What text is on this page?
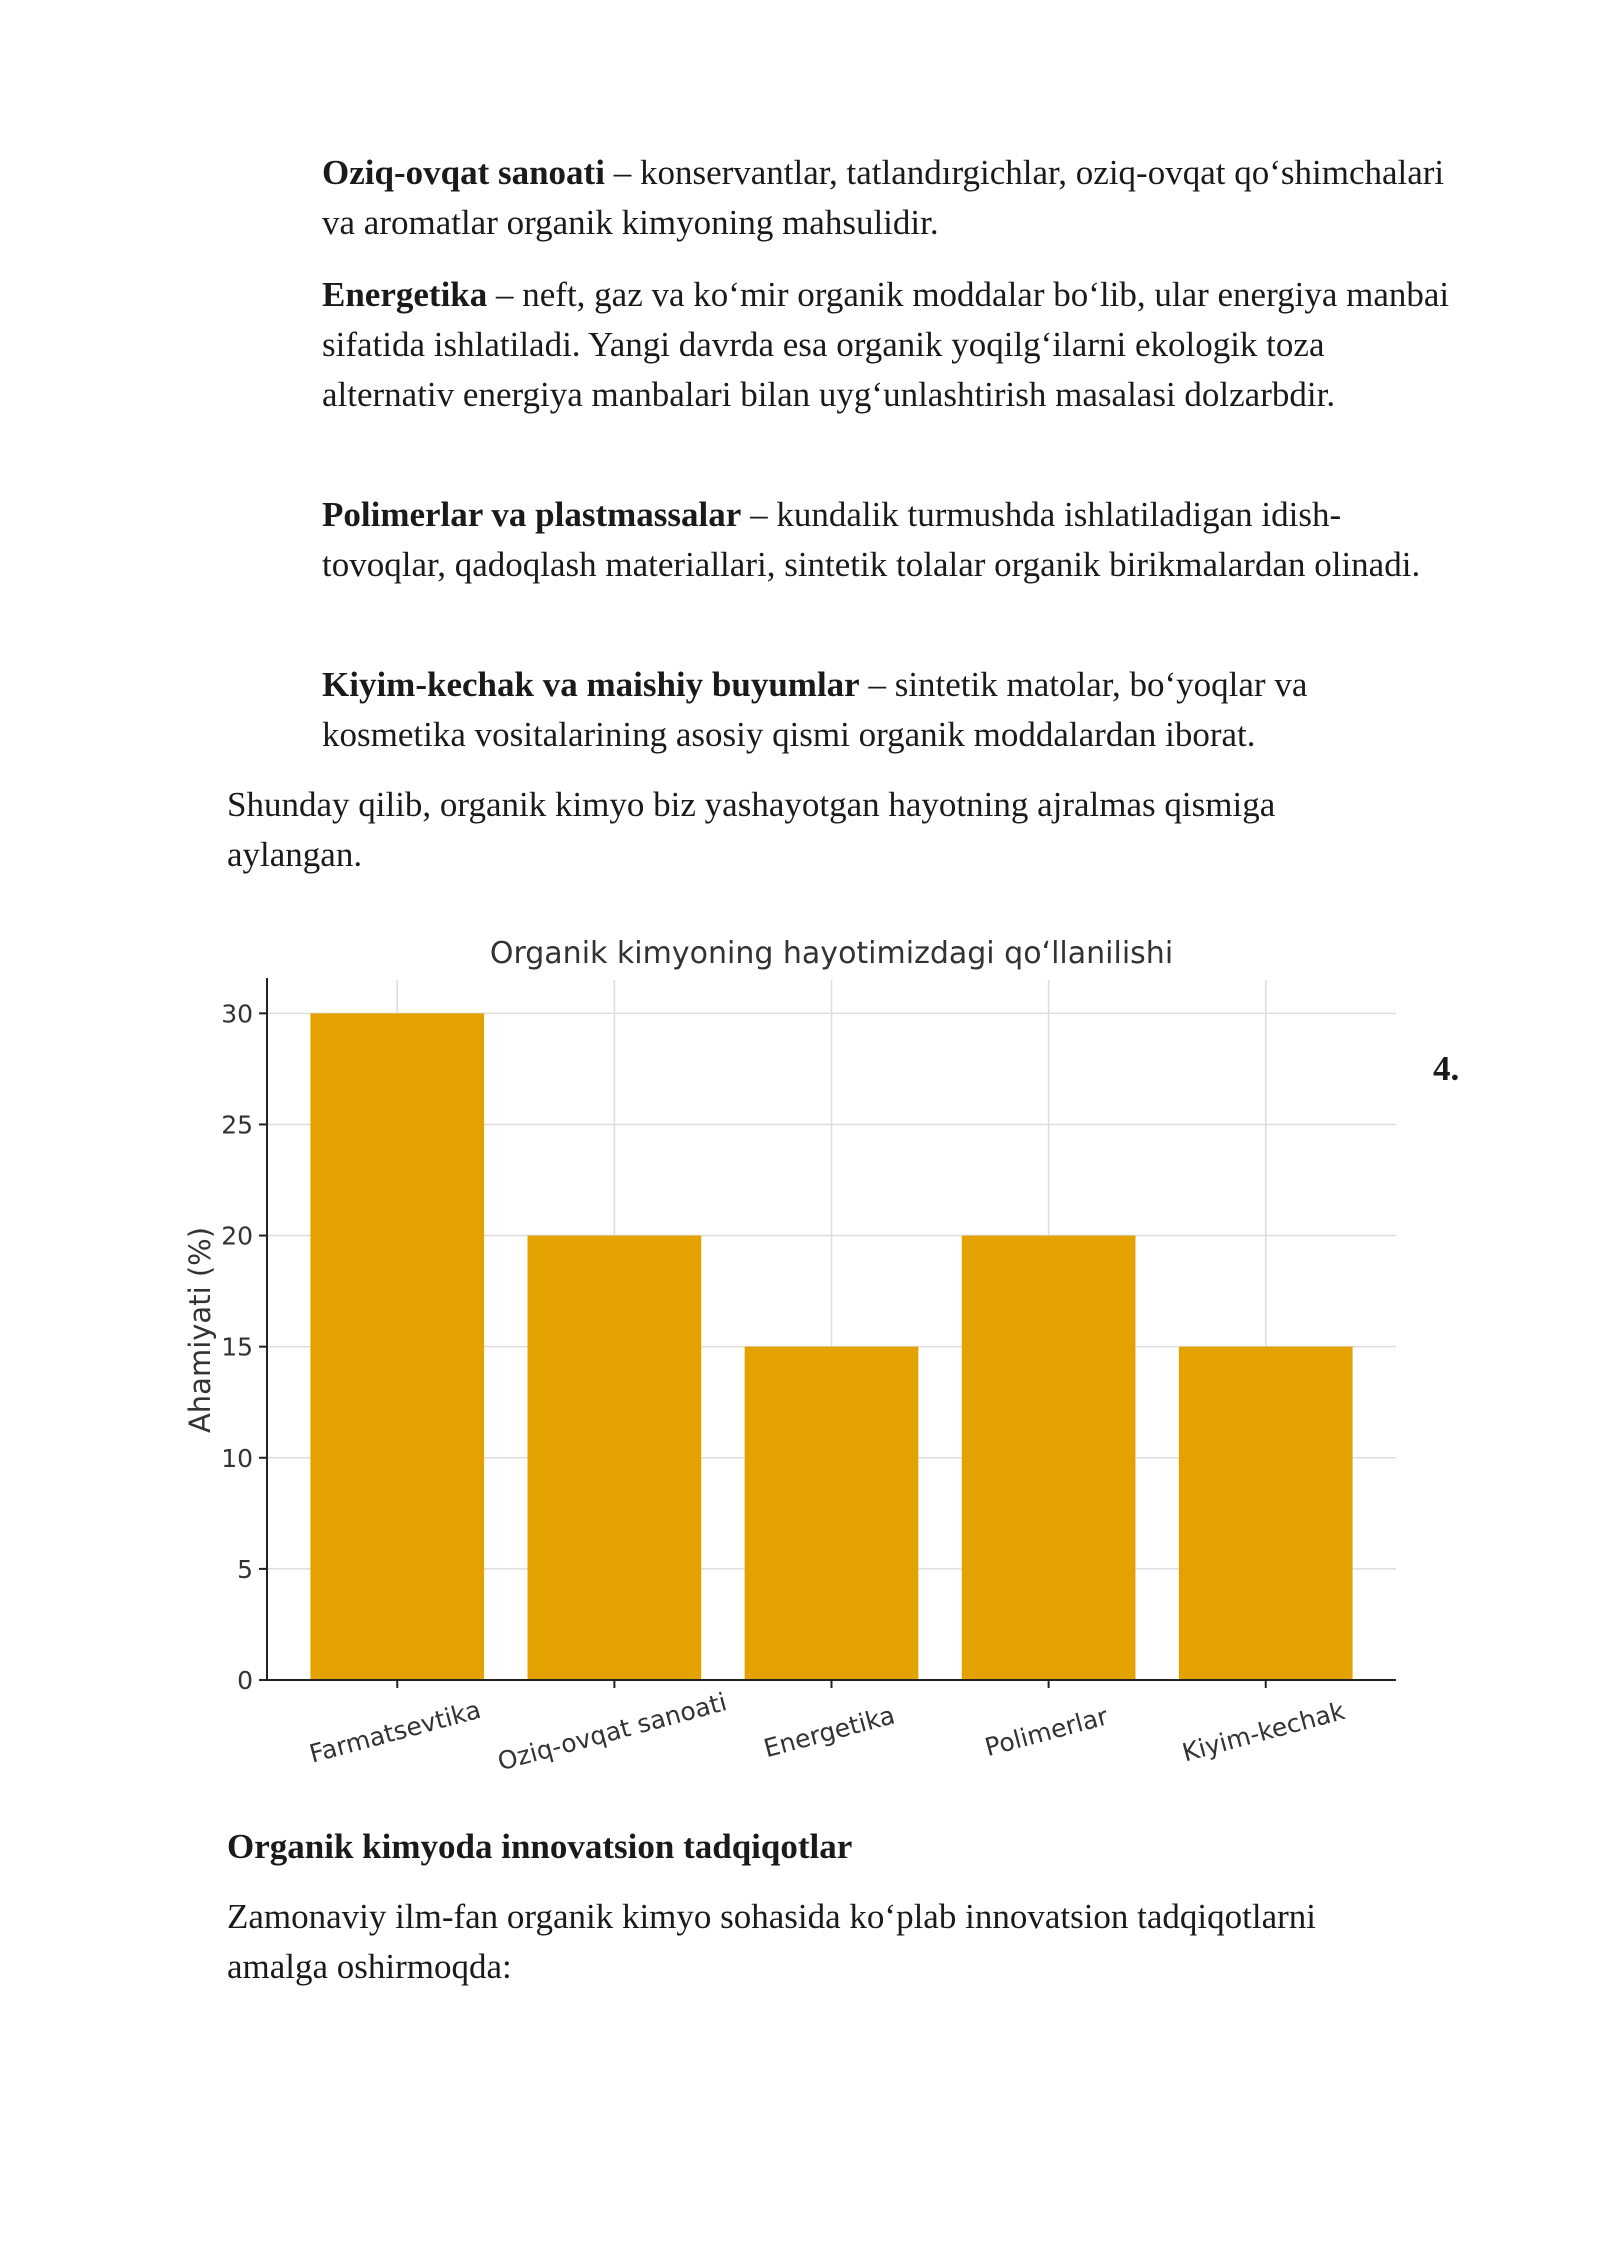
Oziq-ovqat sanoati – konservantlar, tatlandırgichlar, oziq-ovqat qo‘shimchalari va aromatlar organik kimyoning mahsulidir.

Energetika – neft, gaz va ko‘mir organik moddalar bo‘lib, ular energiya manbai sifatida ishlatiladi. Yangi davrda esa organik yoqilg‘ilarni ekologik toza alternativ energiya manbalari bilan uyg‘unlashtirish masalasi dolzarbdir.

Polimerlar va plastmassalar – kundalik turmushda ishlatiladigan idish-tovoqlar, qadoqlash materiallari, sintetik tolalar organik birikmalardan olinadi.

Kiyim-kechak va maishiy buyumlar – sintetik matolar, bo‘yoqlar va kosmetika vositalarining asosiy qismi organik moddalardan iborat.

Shunday qilib, organik kimyo biz yashayotgan hayotning ajralmas qismiga aylangan.

Organik kimyoning hayotimizdagi qo‘llanilishi
Ahamiyati (%)
0
5
10
15
20
25
30
Farmatsevtika Oziq-ovqat sanoati Energetika	Polimerlar	Kiyim-kechak
4.

Organik kimyoda innovatsion tadqiqotlar

Zamonaviy ilm-fan organik kimyo sohasida ko‘plab innovatsion tadqiqotlarni amalga oshirmoqda:
